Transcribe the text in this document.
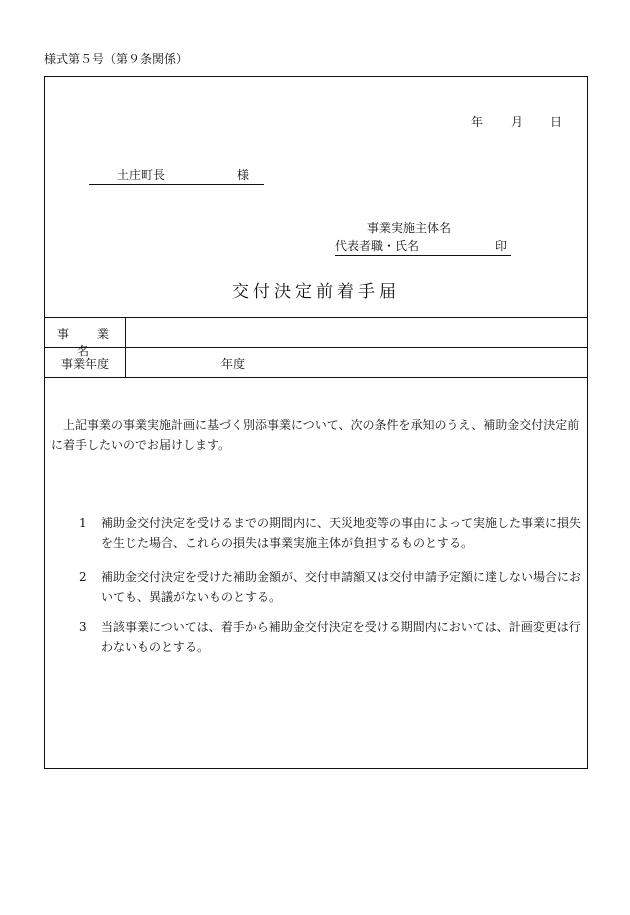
様式第５号（第９条関係）
年 月 日
土庄町長	様
事業実施主体名
代表者職・氏名	印
交付決定前着手届
事　業　名
事業年度	年度
上記事業の事業実施計画に基づく別添事業について、次の条件を承知のうえ、補助金交付決定前に着手したいのでお届けします。
1 補助金交付決定を受けるまでの期間内に、天災地変等の事由によって実施した事業に損失を生じた場合、これらの損失は事業実施主体が負担するものとする。
2 補助金交付決定を受けた補助金額が、交付申請額又は交付申請予定額に達しない場合においても、異議がないものとする。
3 当該事業については、着手から補助金交付決定を受ける期間内においては、計画変更は行わないものとする。
